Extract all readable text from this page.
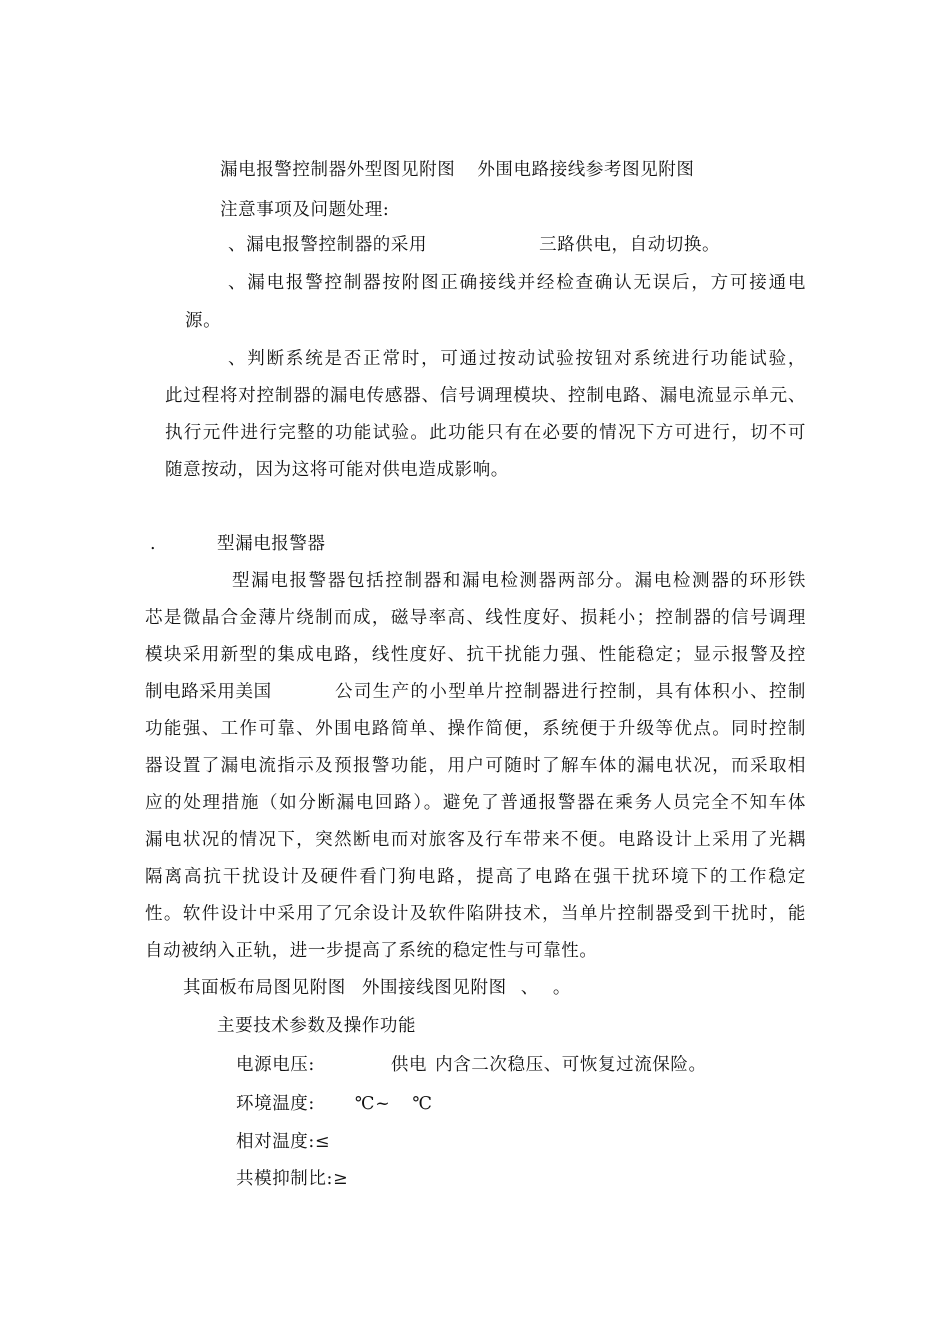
漏电报警控制器外型图见附图 外围电路接线参考图见附图

注意事项及问题处理:

、漏电报警控制器的采用	三路供电，自动切换。

、漏电报警控制器按附图正确接线并经检查确认无误后，方可接通电

源。

、判断系统是否正常时，可通过按动试验按钮对系统进行功能试验，

此过程将对控制器的漏电传感器、信号调理模块、控制电路、漏电流显示单元、

执行元件进行完整的功能试验。此功能只有在必要的情况下方可进行，切不可

随意按动，因为这将可能对供电造成影响。

.	型漏电报警器

型漏电报警器包括控制器和漏电检测器两部分。漏电检测器的环形铁

芯是微晶合金薄片绕制而成，磁导率高、线性度好、损耗小；控制器的信号调理

模块采用新型的集成电路，线性度好、抗干扰能力强、性能稳定；显示报警及控

制电路采用美国	公司生产的小型单片控制器进行控制，具有体积小、控制

功能强、工作可靠、外围电路简单、操作简便，系统便于升级等优点。同时控制

器设置了漏电流指示及预报警功能，用户可随时了解车体的漏电状况，而采取相

应的处理措施（如分断漏电回路）。避免了普通报警器在乘务人员完全不知车体

漏电状况的情况下，突然断电而对旅客及行车带来不便。电路设计上采用了光耦

隔离高抗干扰设计及硬件看门狗电路，提高了电路在强干扰环境下的工作稳定

性。软件设计中采用了冗余设计及软件陷阱技术，当单片控制器受到干扰时，能

自动被纳入正轨，进一步提高了系统的稳定性与可靠性。

其面板布局图见附图 外围接线图见附图 、 。

主要技术参数及操作功能

电源电压:	供电 内含二次稳压、可恢复过流保险。

环境温度: ℃~ ℃

相对温度:≤

共模抑制比:≥
